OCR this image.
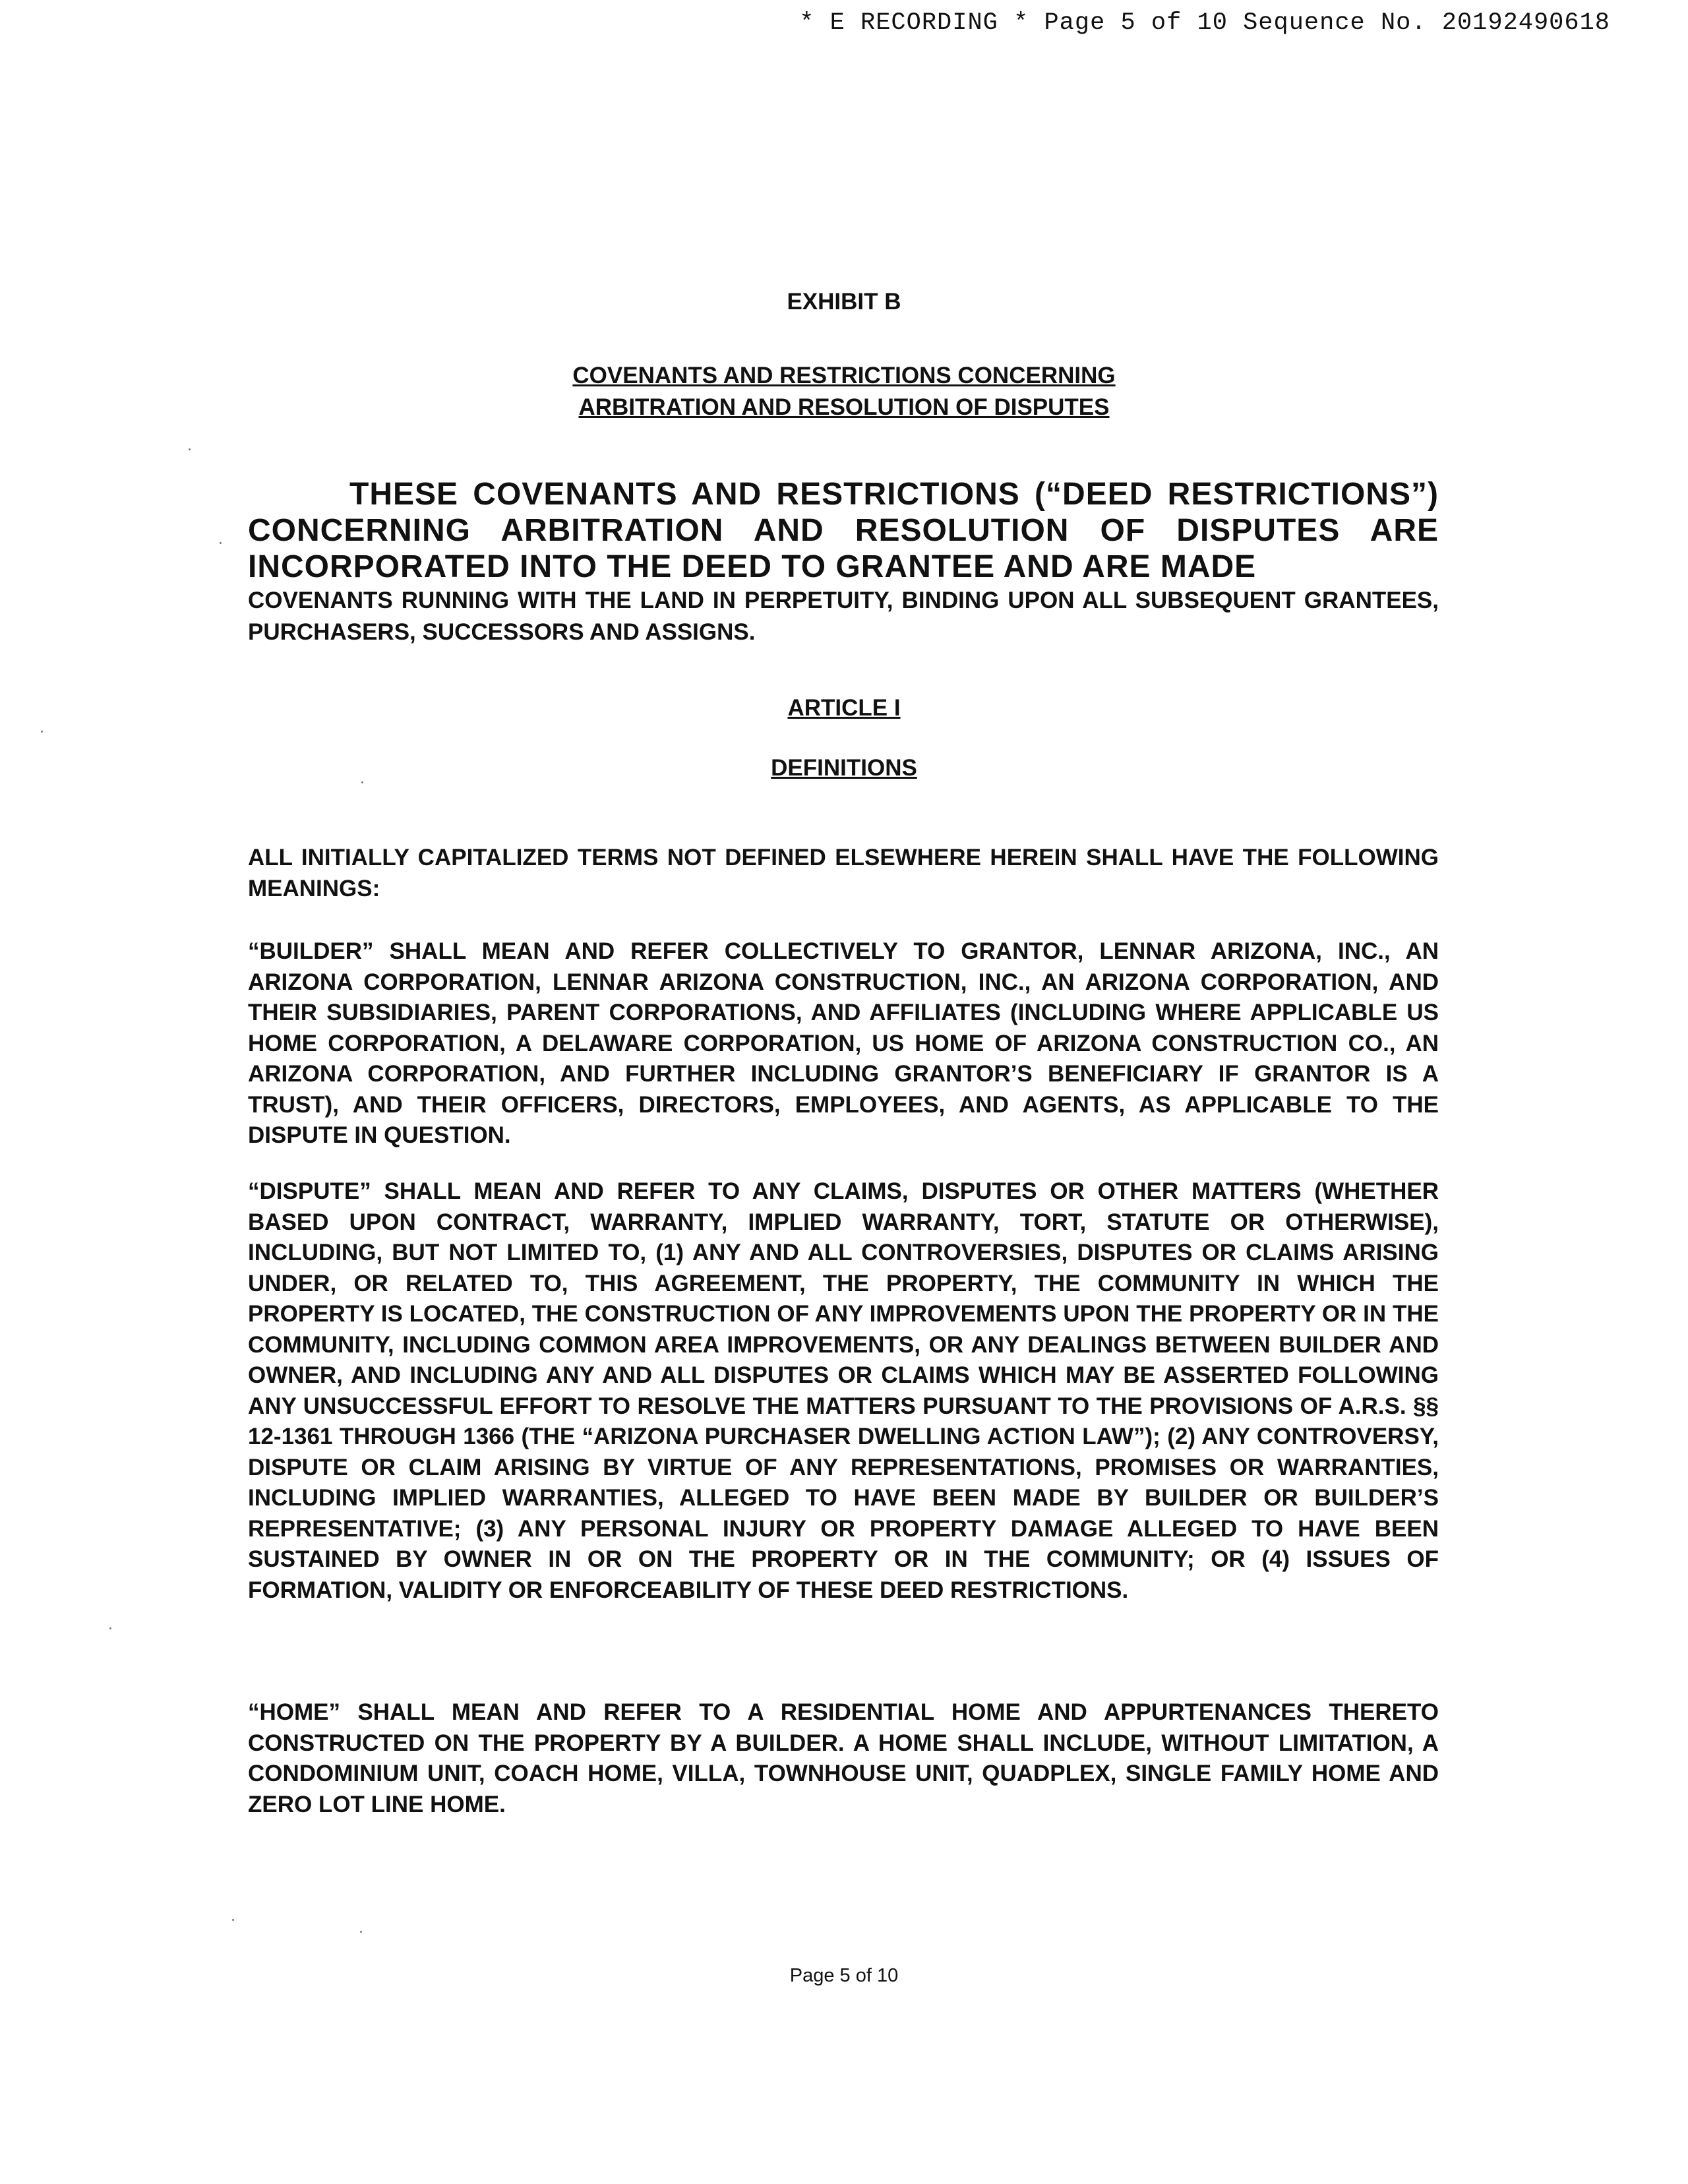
* E RECORDING * Page 5 of 10 Sequence No. 20192490618
EXHIBIT B
COVENANTS AND RESTRICTIONS CONCERNING
ARBITRATION AND RESOLUTION OF DISPUTES
THESE COVENANTS AND RESTRICTIONS (“DEED RESTRICTIONS”) CONCERNING ARBITRATION AND RESOLUTION OF DISPUTES ARE INCORPORATED INTO THE DEED TO GRANTEE AND ARE MADE
COVENANTS RUNNING WITH THE LAND IN PERPETUITY, BINDING UPON ALL SUBSEQUENT GRANTEES, PURCHASERS, SUCCESSORS AND ASSIGNS.
ARTICLE I
DEFINITIONS
ALL INITIALLY CAPITALIZED TERMS NOT DEFINED ELSEWHERE HEREIN SHALL HAVE THE FOLLOWING MEANINGS:
“BUILDER” SHALL MEAN AND REFER COLLECTIVELY TO GRANTOR, LENNAR ARIZONA, INC., AN ARIZONA CORPORATION, LENNAR ARIZONA CONSTRUCTION, INC., AN ARIZONA CORPORATION, AND THEIR SUBSIDIARIES, PARENT CORPORATIONS, AND AFFILIATES (INCLUDING WHERE APPLICABLE US HOME CORPORATION, A DELAWARE CORPORATION, US HOME OF ARIZONA CONSTRUCTION CO., AN ARIZONA CORPORATION, AND FURTHER INCLUDING GRANTOR’S BENEFICIARY IF GRANTOR IS A TRUST), AND THEIR OFFICERS, DIRECTORS, EMPLOYEES, AND AGENTS, AS APPLICABLE TO THE DISPUTE IN QUESTION.
“DISPUTE” SHALL MEAN AND REFER TO ANY CLAIMS, DISPUTES OR OTHER MATTERS (WHETHER BASED UPON CONTRACT, WARRANTY, IMPLIED WARRANTY, TORT, STATUTE OR OTHERWISE), INCLUDING, BUT NOT LIMITED TO, (1) ANY AND ALL CONTROVERSIES, DISPUTES OR CLAIMS ARISING UNDER, OR RELATED TO, THIS AGREEMENT, THE PROPERTY, THE COMMUNITY IN WHICH THE PROPERTY IS LOCATED, THE CONSTRUCTION OF ANY IMPROVEMENTS UPON THE PROPERTY OR IN THE COMMUNITY, INCLUDING COMMON AREA IMPROVEMENTS, OR ANY DEALINGS BETWEEN BUILDER AND OWNER, AND INCLUDING ANY AND ALL DISPUTES OR CLAIMS WHICH MAY BE ASSERTED FOLLOWING ANY UNSUCCESSFUL EFFORT TO RESOLVE THE MATTERS PURSUANT TO THE PROVISIONS OF A.R.S. §§ 12-1361 THROUGH 1366 (THE “ARIZONA PURCHASER DWELLING ACTION LAW”); (2) ANY CONTROVERSY, DISPUTE OR CLAIM ARISING BY VIRTUE OF ANY REPRESENTATIONS, PROMISES OR WARRANTIES, INCLUDING IMPLIED WARRANTIES, ALLEGED TO HAVE BEEN MADE BY BUILDER OR BUILDER’S REPRESENTATIVE; (3) ANY PERSONAL INJURY OR PROPERTY DAMAGE ALLEGED TO HAVE BEEN SUSTAINED BY OWNER IN OR ON THE PROPERTY OR IN THE COMMUNITY; OR (4) ISSUES OF FORMATION, VALIDITY OR ENFORCEABILITY OF THESE DEED RESTRICTIONS.
“HOME” SHALL MEAN AND REFER TO A RESIDENTIAL HOME AND APPURTENANCES THERETO CONSTRUCTED ON THE PROPERTY BY A BUILDER. A HOME SHALL INCLUDE, WITHOUT LIMITATION, A CONDOMINIUM UNIT, COACH HOME, VILLA, TOWNHOUSE UNIT, QUADPLEX, SINGLE FAMILY HOME AND ZERO LOT LINE HOME.
Page 5 of 10
